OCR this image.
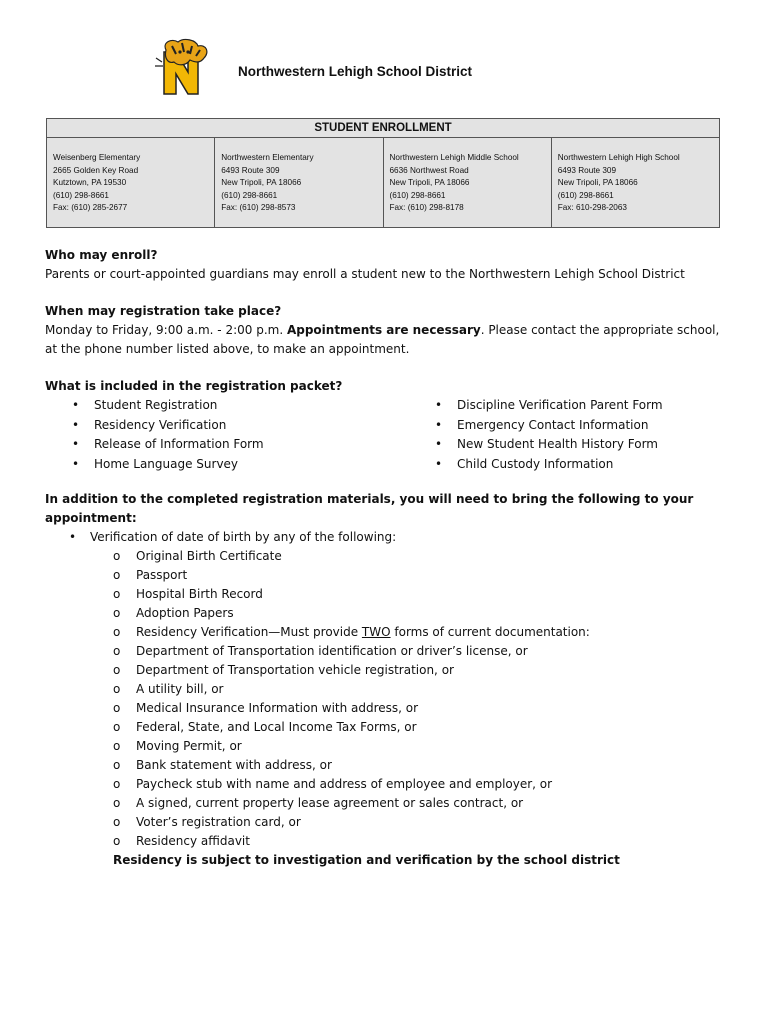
Northwestern Lehigh School District
STUDENT ENROLLMENT
Weisenberg Elementary
2665 Golden Key Road
Kutztown, PA 19530
(610) 298-8661
Fax: (610) 285-2677
Northwestern Elementary
6493 Route 309
New Tripoli, PA 18066
(610) 298-8661
Fax: (610) 298-8573
Northwestern Lehigh Middle School
6636 Northwest Road
New Tripoli, PA 18066
(610) 298-8661
Fax: (610) 298-8178
Northwestern Lehigh High School
6493 Route 309
New Tripoli, PA 18066
(610) 298-8661
Fax: 610-298-2063

Who may enroll?

Parents or court-appointed guardians may enroll a student new to the Northwestern Lehigh School District

When may registration take place?

Monday to Friday, 9:00 a.m. - 2:00 p.m. Appointments are necessary. Please contact the appropriate school,

at the phone number listed above, to make an appointment.

What is included in the registration packet?

• Student Registration
• Residency Verification
• Release of Information Form
• Home Language Survey
• Discipline Verification Parent Form
• Emergency Contact Information
• New Student Health History Form
• Child Custody Information

In addition to the completed registration materials, you will need to bring the following to your

appointment:

• Verification of date of birth by any of the following:

o Original Birth Certificate
o Passport
o Hospital Birth Record
o Adoption Papers
o Residency Verification—Must provide TWO forms of current documentation:
o Department of Transportation identification or driver’s license, or
o Department of Transportation vehicle registration, or
o A utility bill, or
o Medical Insurance Information with address, or
o Federal, State, and Local Income Tax Forms, or
o Moving Permit, or
o Bank statement with address, or
o Paycheck stub with name and address of employee and employer, or
o A signed, current property lease agreement or sales contract, or
o Voter’s registration card, or
o Residency affidavit

Residency is subject to investigation and verification by the school district
